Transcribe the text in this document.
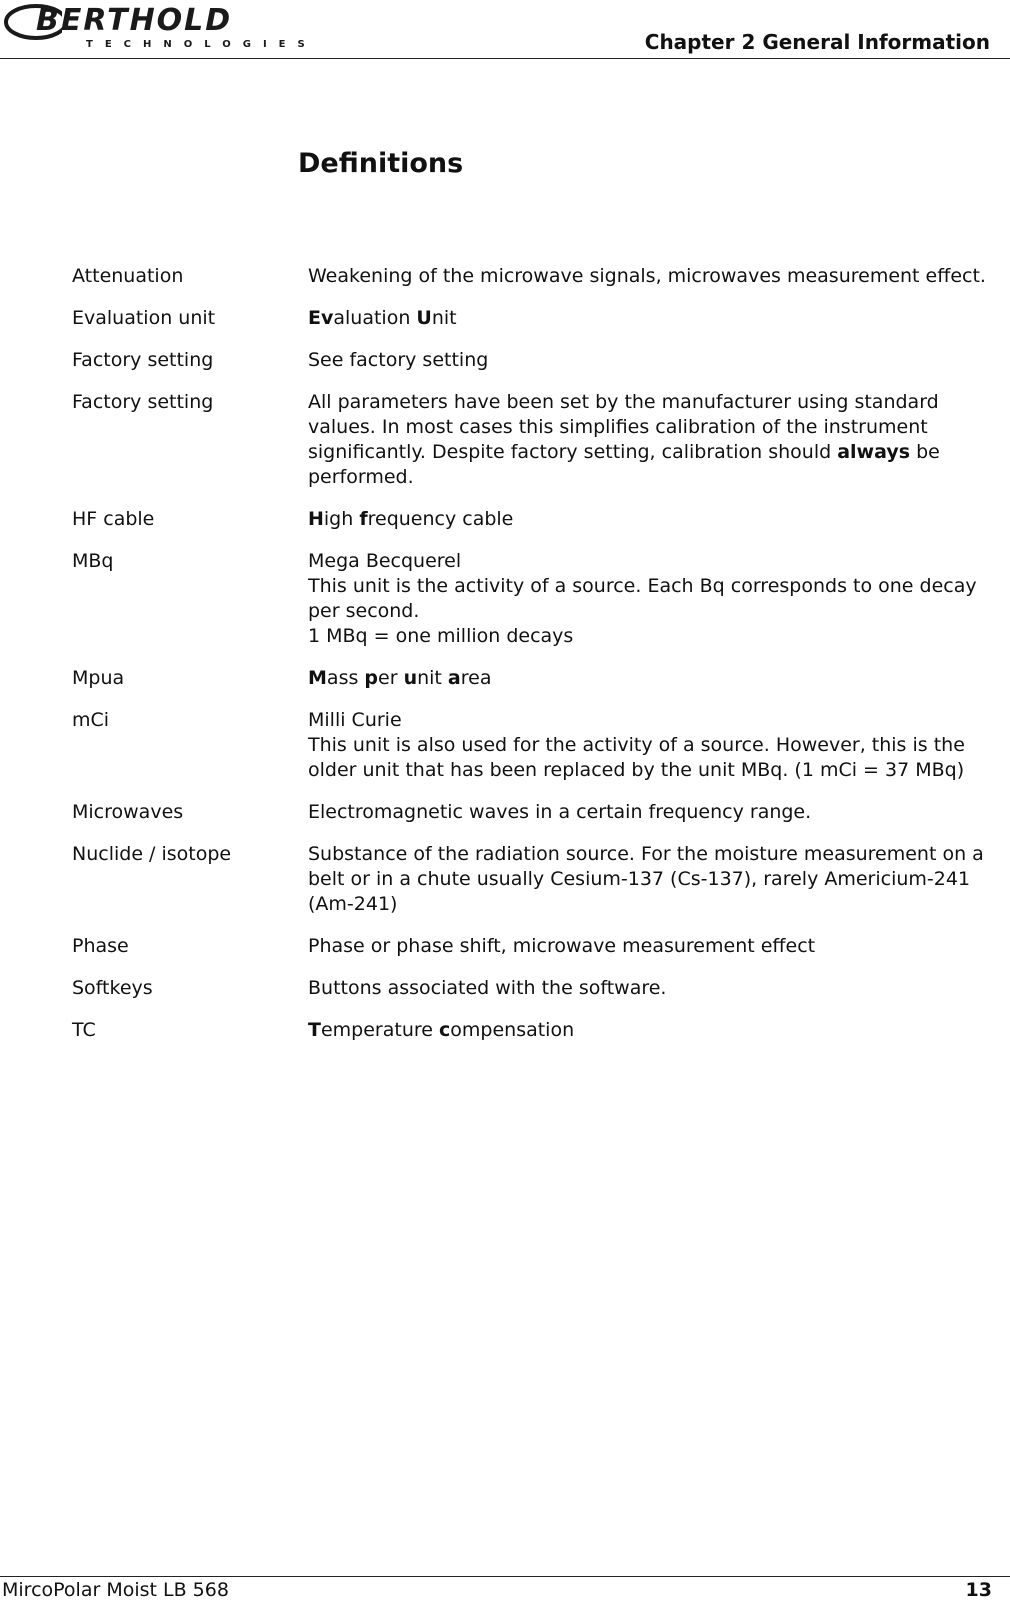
BERTHOLD
TECHNOLOGIES	Chapter 2 General Information
Definitions
Attenuation	Weakening of the microwave signals, microwaves measurement effect.
Evaluation unit	Evaluation Unit
Factory setting	See factory setting
Factory setting	All parameters have been set by the manufacturer using standard values. In most cases this simplifies calibration of the instrument significantly. Despite factory setting, calibration should always be performed.
HF cable	High frequency cable
MBq	Mega Becquerel
This unit is the activity of a source. Each Bq corresponds to one decay per second.
1 MBq = one million decays
Mpua	Mass per unit area
mCi	Milli Curie
This unit is also used for the activity of a source. However, this is the older unit that has been replaced by the unit MBq. (1 mCi = 37 MBq)
Microwaves	Electromagnetic waves in a certain frequency range.
Nuclide / isotope	Substance of the radiation source. For the moisture measurement on a belt or in a chute usually Cesium-137 (Cs-137), rarely Americium-241 (Am-241)
Phase	Phase or phase shift, microwave measurement effect
Softkeys	Buttons associated with the software.
TC	Temperature compensation
MircoPolar Moist LB 568	13
